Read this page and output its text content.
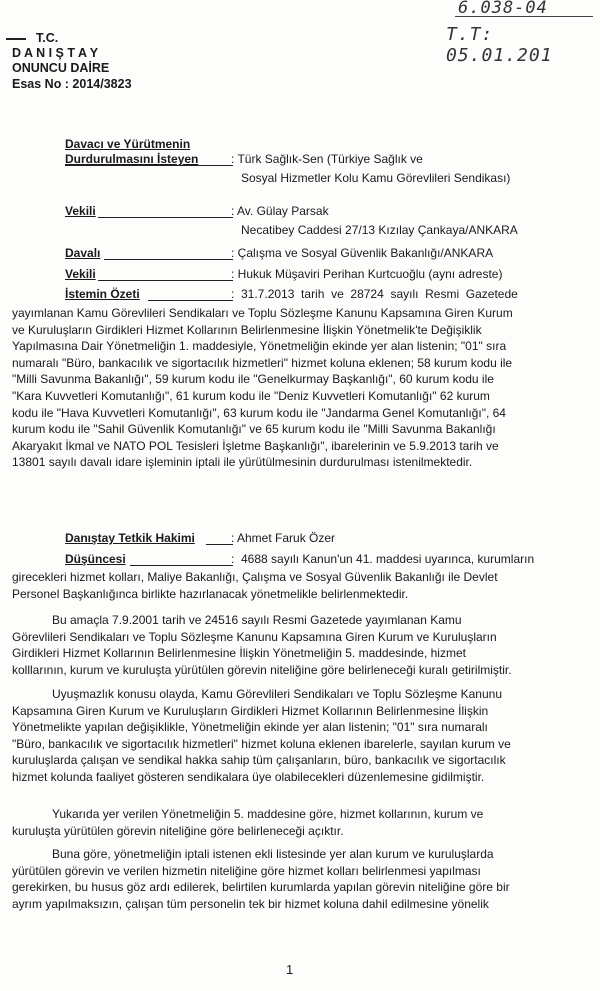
6.038-04
T.T: 05.01.201
T.C.
D A N I Ş T A Y
ONUNCU DAİRE
Esas No : 2014/3823
Davacı ve Yürütmenin
Durdurulmasını İsteyen	: Türk Sağlık-Sen (Türkiye Sağlık ve
Sosyal Hizmetler Kolu Kamu Görevlileri Sendikası)
Vekili	: Av. Gülay Parsak
Necatibey Caddesi 27/13 Kızılay Çankaya/ANKARA
Davalı	: Çalışma ve Sosyal Güvenlik Bakanlığı/ANKARA
Vekili	: Hukuk Müşaviri Perihan Kurtcuoğlu (aynı adreste)
İstemin Özeti	:  31.7.2013  tarih  ve  28724  sayılı  Resmi  Gazetede
yayımlanan Kamu Görevlileri Sendikaları ve Toplu Sözleşme Kanunu Kapsamına Giren Kurum
ve Kuruluşların Girdikleri Hizmet Kollarının Belirlenmesine İlişkin Yönetmelik'te Değişiklik
Yapılmasına Dair Yönetmeliğin 1. maddesiyle, Yönetmeliğin ekinde yer alan listenin; "01" sıra
numaralı "Büro, bankacılık ve sigortacılık hizmetleri" hizmet koluna eklenen; 58 kurum kodu ile
"Milli Savunma Bakanlığı", 59 kurum kodu ile "Genelkurmay Başkanlığı", 60 kurum kodu ile
"Kara Kuvvetleri Komutanlığı", 61 kurum kodu ile "Deniz Kuvvetleri Komutanlığı" 62 kurum
kodu ile "Hava Kuvvetleri Komutanlığı", 63 kurum kodu ile "Jandarma Genel Komutanlığı", 64
kurum kodu ile "Sahil Güvenlik Komutanlığı" ve 65 kurum kodu ile "Milli Savunma Bakanlığı
Akaryakıt İkmal ve NATO POL Tesisleri İşletme Başkanlığı", ibarelerinin ve 5.9.2013 tarih ve
13801 sayılı davalı idare işleminin iptali ile yürütülmesinin durdurulması istenilmektedir.
Danıştay Tetkik Hakimi	: Ahmet Faruk Özer
Düşüncesi	:  4688 sayılı Kanun'un 41. maddesi uyarınca, kurumların
girecekleri hizmet kolları, Maliye Bakanlığı, Çalışma ve Sosyal Güvenlik Bakanlığı ile Devlet
Personel Başkanlığınca birlikte hazırlanacak yönetmelikle belirlenmektedir.
Bu amaçla 7.9.2001 tarih ve 24516 sayılı Resmi Gazetede yayımlanan Kamu
Görevlileri Sendikaları ve Toplu Sözleşme Kanunu Kapsamına Giren Kurum ve Kuruluşların
Girdikleri Hizmet Kollarının Belirlenmesine İlişkin Yönetmeliğin 5. maddesinde, hizmet
kolllarının, kurum ve kuruluşta yürütülen görevin niteliğine göre belirleneceği kuralı getirilmiştir.
Uyuşmazlık konusu olayda, Kamu Görevlileri Sendikaları ve Toplu Sözleşme Kanunu
Kapsamına Giren Kurum ve Kuruluşların Girdikleri Hizmet Kollarının Belirlenmesine İlişkin
Yönetmelikte yapılan değişiklikle, Yönetmeliğin ekinde yer alan listenin; "01" sıra numaralı
"Büro, bankacılık ve sigortacılık hizmetleri" hizmet koluna eklenen ibarelerle, sayılan kurum ve
kuruluşlarda çalışan ve sendikal hakka sahip tüm çalışanların, büro, bankacılık ve sigortacılık
hizmet kolunda faaliyet gösteren sendikalara üye olabilecekleri düzenlemesine gidilmiştir.
Yukarıda yer verilen Yönetmeliğin 5. maddesine göre, hizmet kollarının, kurum ve
kuruluşta yürütülen görevin niteliğine göre belirleneceği açıktır.
Buna göre, yönetmeliğin iptali istenen ekli listesinde yer alan kurum ve kuruluşlarda
yürütülen görevin ve verilen hizmetin niteliğine göre hizmet kolları belirlenmesi yapılması
gerekirken, bu husus göz ardı edilerek, belirtilen kurumlarda yapılan görevin niteliğine göre bir
ayrım yapılmaksızın, çalışan tüm personelin tek bir hizmet koluna dahil edilmesine yönelik
1
